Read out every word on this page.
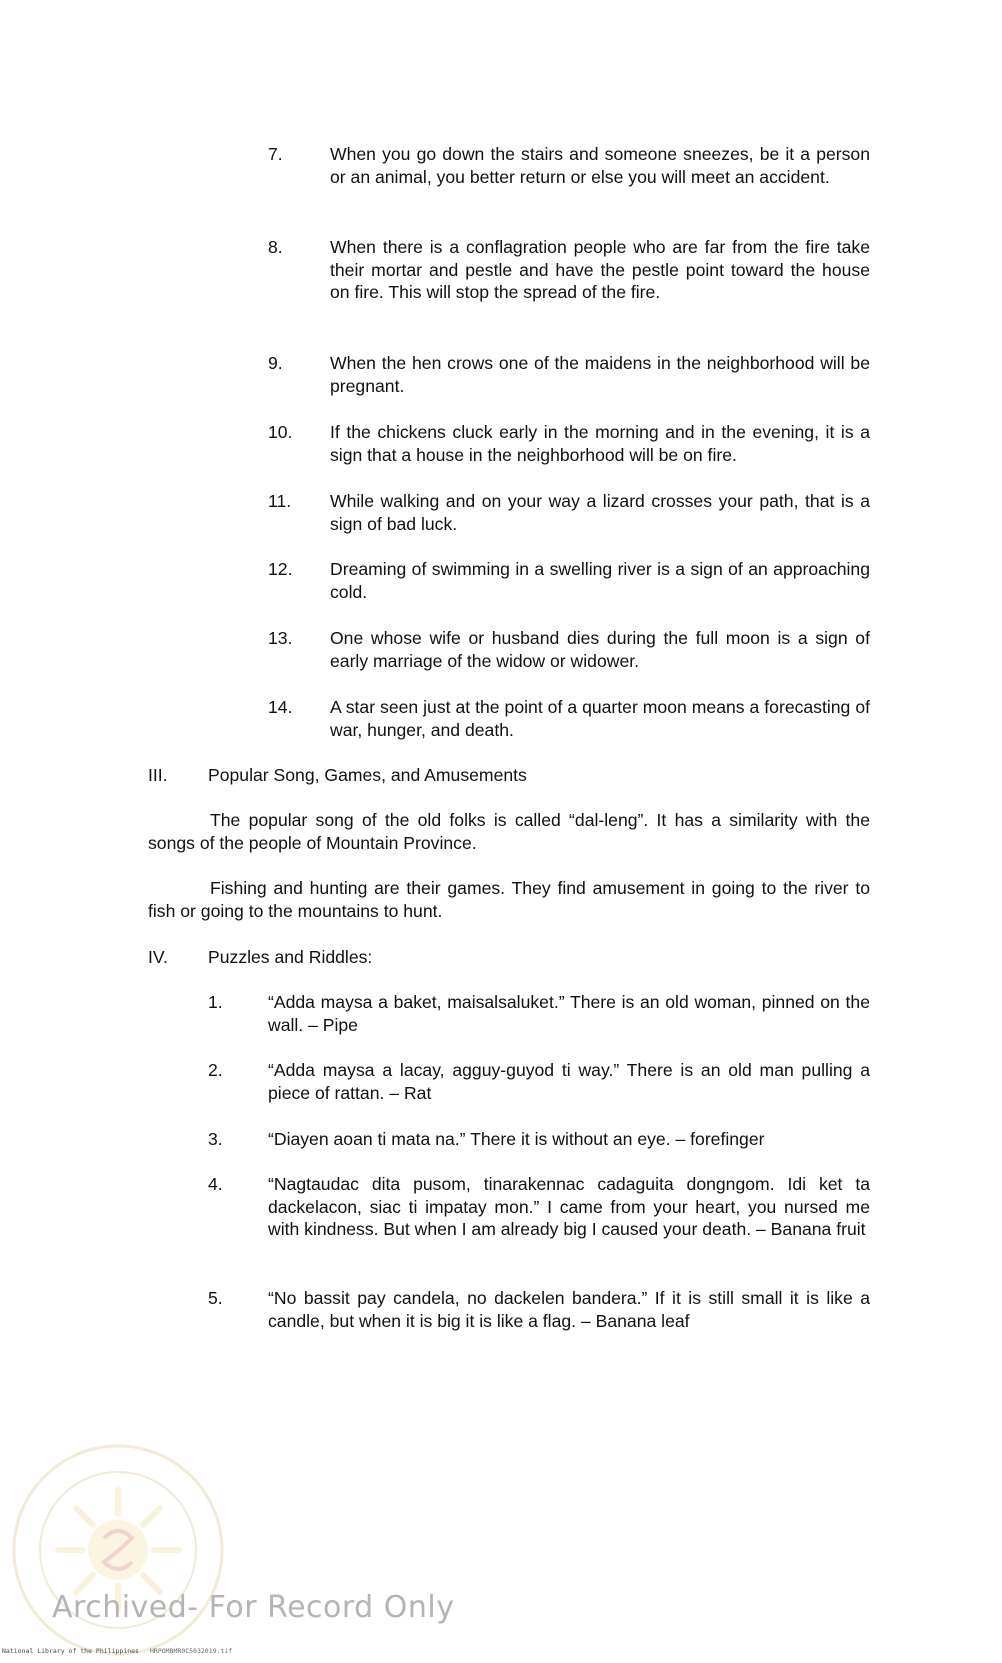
7.	When you go down the stairs and someone sneezes, be it a person or an animal, you better return or else you will meet an accident.
8.	When there is a conflagration people who are far from the fire take their mortar and pestle and have the pestle point toward the house on fire. This will stop the spread of the fire.
9.	When the hen crows one of the maidens in the neighborhood will be pregnant.
10. If the chickens cluck early in the morning and in the evening, it is a sign that a house in the neighborhood will be on fire.
11. While walking and on your way a lizard crosses your path, that is a sign of bad luck.
12. Dreaming of swimming in a swelling river is a sign of an approaching cold.
13. One whose wife or husband dies during the full moon is a sign of early marriage of the widow or widower.
14. A star seen just at the point of a quarter moon means a forecasting of war, hunger, and death.
III. Popular Song, Games, and Amusements
The popular song of the old folks is called “dal-leng”. It has a similarity with the songs of the people of Mountain Province.
Fishing and hunting are their games. They find amusement in going to the river to fish or going to the mountains to hunt.
IV. Puzzles and Riddles:
1.	“Adda maysa a baket, maisalsaluket.” There is an old woman, pinned on the wall. – Pipe
2.	“Adda maysa a lacay, agguy-guyod ti way.” There is an old man pulling a piece of rattan. – Rat
3.	“Diayen aoan ti mata na.” There it is without an eye. – forefinger
4.	“Nagtaudac dita pusom, tinarakennac cadaguita dongngom. Idi ket ta dackelacon, siac ti impatay mon.” I came from your heart, you nursed me with kindness. But when I am already big I caused your death. – Banana fruit
5.	“No bassit pay candela, no dackelen bandera.” If it is still small it is like a candle, but when it is big it is like a flag. – Banana leaf
Archived- For Record Only
National Library of the Philippines HRPOMBMR0C5032019.tif
